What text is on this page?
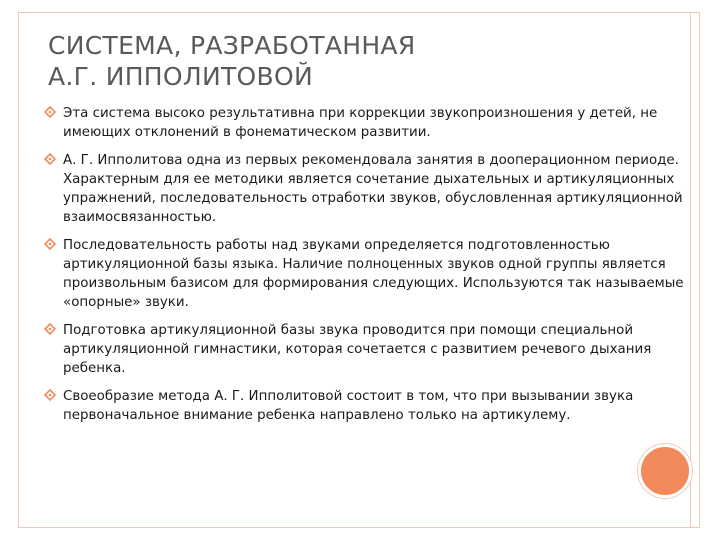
СИСТЕМА, РАЗРАБОТАННАЯ
А.Г. ИППОЛИТОВОЙ
Эта система высоко результативна при коррекции звукопроизношения у детей, не имеющих отклонений в фонематическом развитии.
А. Г. Ипполитова одна из первых рекомендовала занятия в дооперационном периоде. Характерным для ее методики является сочетание дыхательных и артикуляционных упражнений, последовательность отработки звуков, обусловленная артикуляционной взаимосвязанностью.
Последовательность работы над звуками определяется подготовленностью артикуляционной базы языка. Наличие полноценных звуков одной группы является произвольным базисом для формирования следующих. Используются так называемые «опорные» звуки.
Подготовка артикуляционной базы звука проводится при помощи специальной артикуляционной гимнастики, которая сочетается с развитием речевого дыхания ребенка.
Своеобразие метода А. Г. Ипполитовой состоит в том, что при вызывании звука первоначальное внимание ребенка направлено только на артикулему.
